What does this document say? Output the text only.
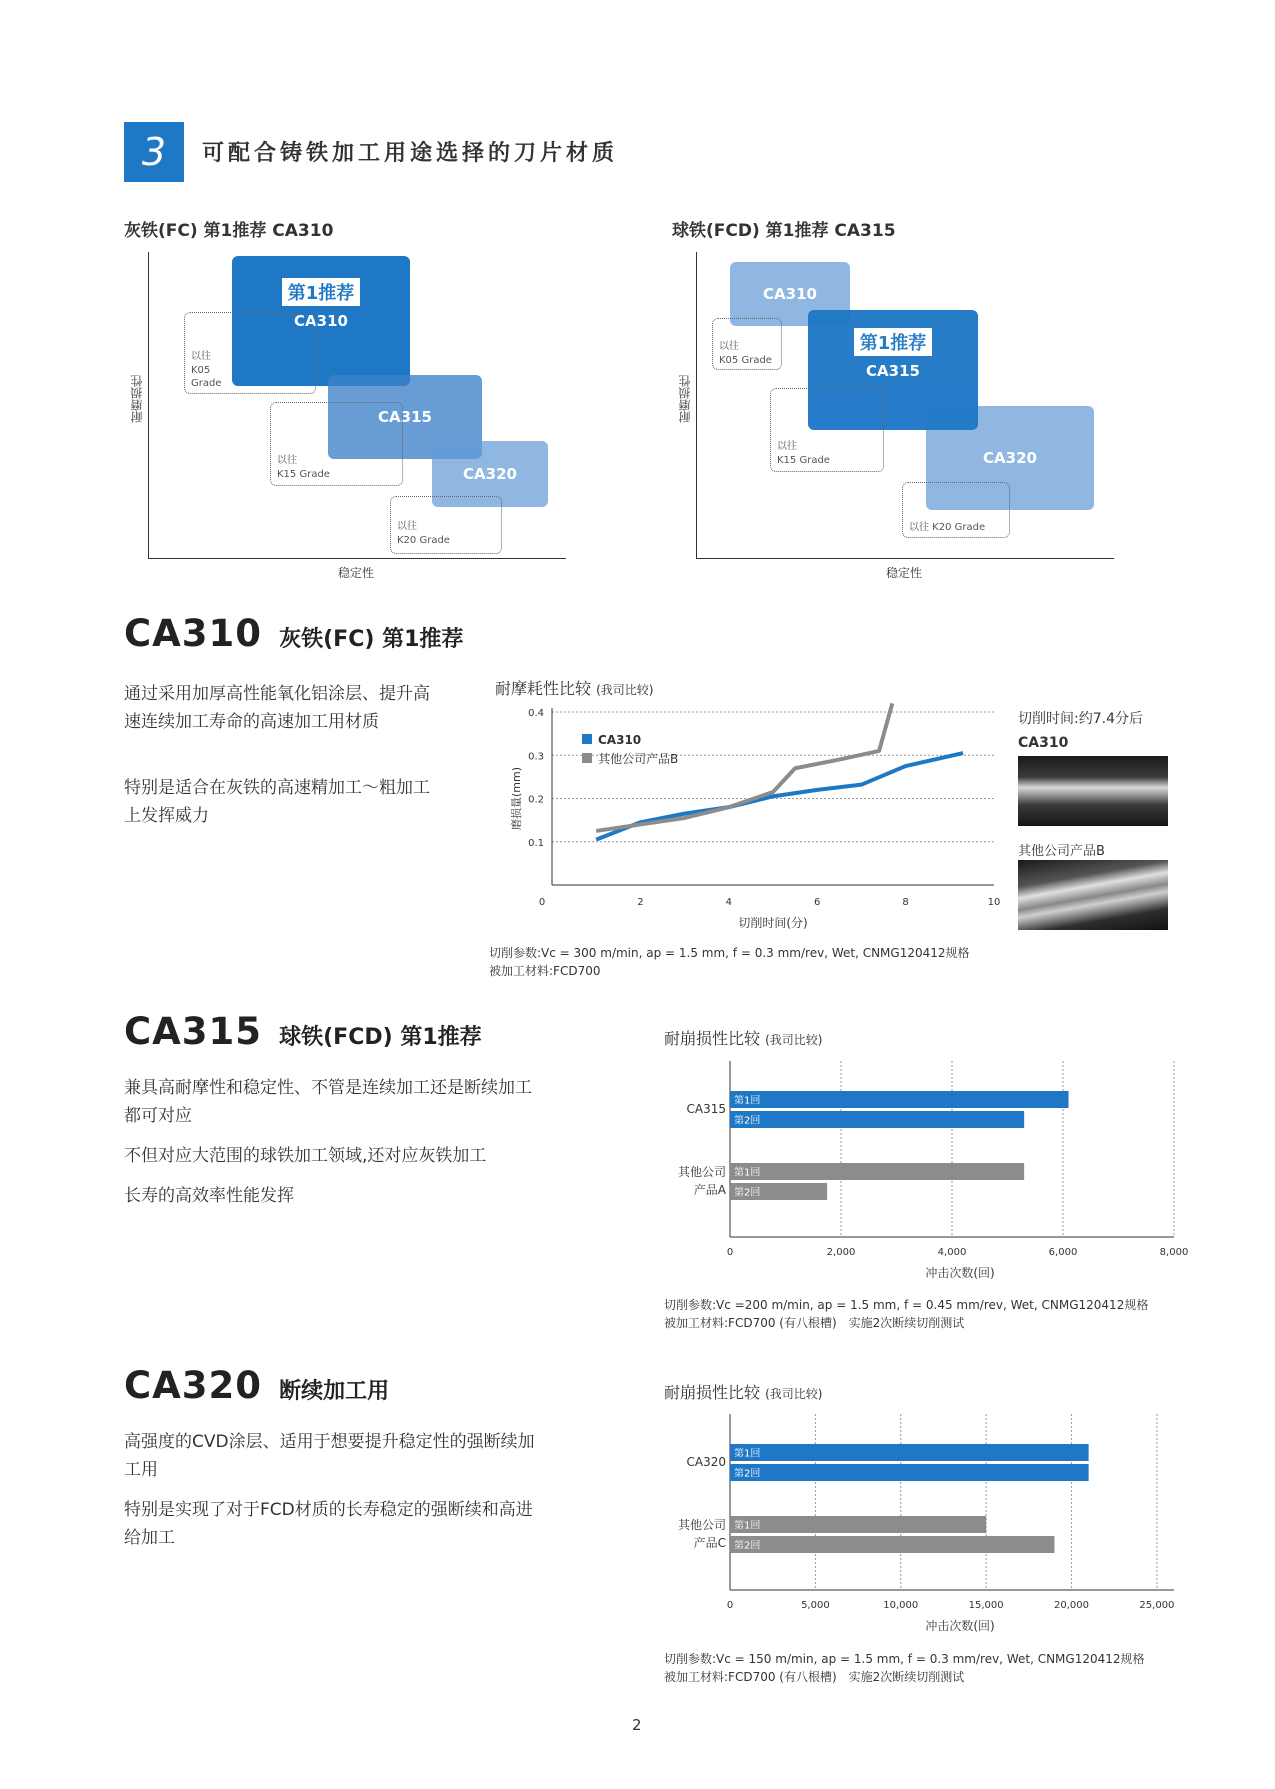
3	可配合铸铁加工用途选择的刀片材质
灰铁(FC) 第1推荐 CA310
耐磨损性
稳定性
第1推荐
CA310
CA315
CA320
以往
K05
Grade
以往
K15 Grade
以往
K20 Grade
球铁(FCD) 第1推荐 CA315
耐磨损性
稳定性
CA310
CA320
第1推荐
CA315
以往
K05 Grade
以往
K15 Grade
以往 K20 Grade
CA310 灰铁(FC) 第1推荐
通过采用加厚高性能氧化铝涂层、提升高速连续加工寿命的高速加工用材质
特别是适合在灰铁的高速精加工～粗加工上发挥威力
耐摩耗性比较 (我司比较)
0.1
0.2
0.3
0.4
0	2	4	6	8	10
切削时间(分)
磨损量(mm)
CA310
其他公司产品B
切削参数:Vc = 300 m/min, ap = 1.5 mm, f = 0.3 mm/rev, Wet, CNMG120412规格
被加工材料:FCD700
切削时间:约7.4分后
CA310
其他公司产品B
CA315 球铁(FCD) 第1推荐
兼具高耐摩性和稳定性、不管是连续加工还是断续加工都可对应
不但对应大范围的球铁加工领域,还对应灰铁加工
长寿的高效率性能发挥
耐崩损性比较 (我司比较)
0	2,000	4,000	6,000	8,000
冲击次数(回)
第1回
第2回
第1回
第2回
CA315
其他公司
产品A
切削参数:Vc =200 m/min, ap = 1.5 mm, f = 0.45 mm/rev, Wet, CNMG120412规格
被加工材料:FCD700 (有八根槽)　实施2次断续切削测试
CA320 断续加工用
高强度的CVD涂层、适用于想要提升稳定性的强断续加工用
特别是实现了对于FCD材质的长寿稳定的强断续和高进给加工
耐崩损性比较 (我司比较)
0	5,000	10,000	15,000	20,000	25,000
冲击次数(回)
第1回
第2回
第1回
第2回
CA320
其他公司
产品C
切削参数:Vc = 150 m/min, ap = 1.5 mm, f = 0.3 mm/rev, Wet, CNMG120412规格
被加工材料:FCD700 (有八根槽)　实施2次断续切削测试
2
